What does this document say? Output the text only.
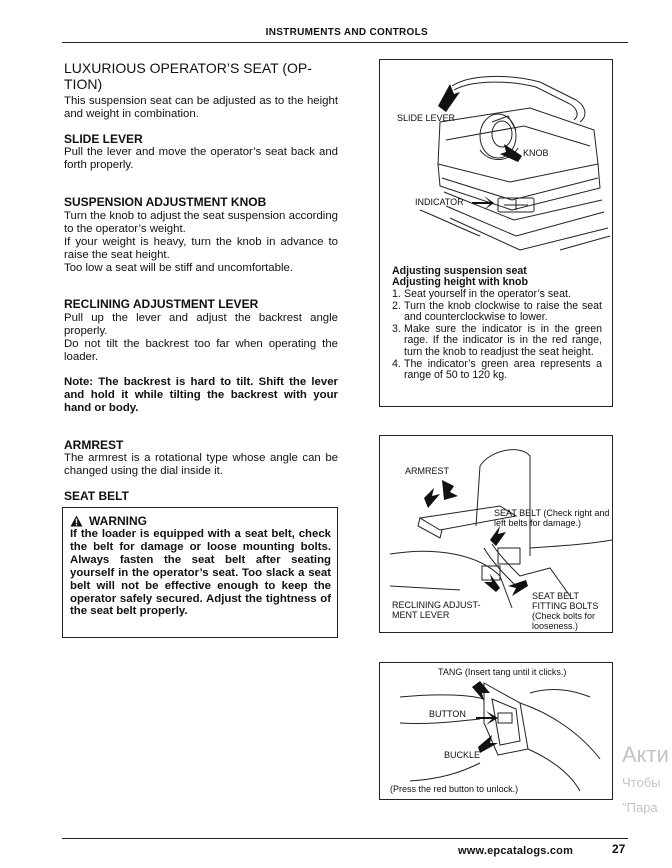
INSTRUMENTS AND CONTROLS
LUXURIOUS OPERATOR’S SEAT (OP-
TION)

This suspension seat can be adjusted as to the height and weight in combination.

SLIDE LEVER

Pull the lever and move the operator’s seat back and forth properly.

SUSPENSION ADJUSTMENT KNOB

Turn the knob to adjust the seat suspension according to the operator’s weight.

If your weight is heavy, turn the knob in advance to raise the seat height.

Too low a seat will be stiff and uncomfortable.

RECLINING ADJUSTMENT LEVER

Pull up the lever and adjust the backrest angle properly.

Do not tilt the backrest too far when operating the loader.

Note: The backrest is hard to tilt. Shift the lever and hold it while tilting the backrest with your hand or body.

ARMREST

The armrest is a rotational type whose angle can be changed using the dial inside it.

SEAT BELT
WARNING

If the loader is equipped with a seat belt, check the belt for damage or loose mounting bolts. Always fasten the seat belt after seating yourself in the operator’s seat. Too slack a seat belt will not be effective enough to keep the operator safely secured. Adjust the tightness of the seat belt properly.

SLIDE LEVER
KNOB
INDICATOR
Adjusting suspension seat
Adjusting height with knob
1. Seat yourself in the operator’s seat.
2. Turn the knob clockwise to raise the seat and counterclockwise to lower.
3. Make sure the indicator is in the green rage. If the indicator is in the red range, turn the knob to readjust the seat height.
4. The indicator’s green area represents a range of 50 to 120 kg.
ARMREST
SEAT BELT (Check right and left belts for damage.)
RECLINING ADJUST-
MENT LEVER
SEAT BELT
FITTING BOLTS
(Check bolts for
looseness.)
TANG (Insert tang until it clicks.)
BUTTON
BUCKLE
(Press the red button to unlock.)
Акти
Чтобы
"Пара
www.epcatalogs.com	27
